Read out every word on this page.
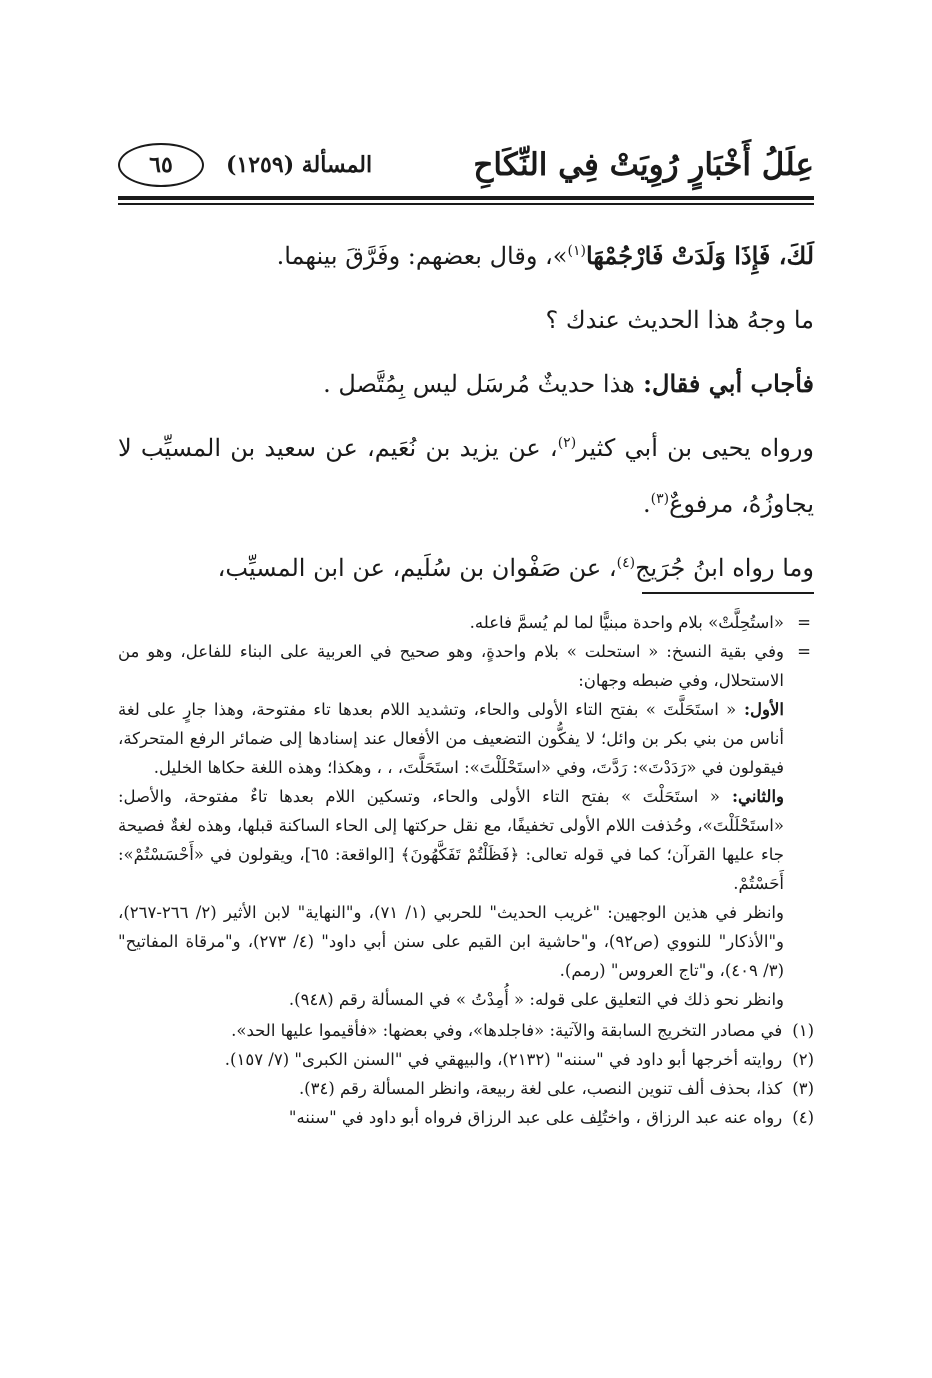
٦٥ المسألة (١٢٥٩)	عِلَلُ أَخْبَارٍ رُوِيَتْ فِي النِّكَاحِ

لَكَ، فَإِذَا وَلَدَتْ فَارْجُمْهَا$^{(١)}$»، وقال بعضهم: وفَرَّقَ بينهما.

ما وجهُ هذا الحديث عندك ؟

فأجاب أبي فقال: هذا حديثٌ مُرسَل ليس بِمُتَّصل .

ورواه يحيى بن أبي كثير$^{(٢)}$، عن يزيد بن نُعَيم، عن سعيد بن المسيِّب لا يجاوزُهُ، مرفوعٌ$^{(٣)}$.

وما رواه ابنُ جُرَيج$^{(٤)}$، عن صَفْوان بن سُلَيم، عن ابن المسيِّب،

=
«استُحِلَّتْ» بلام واحدة مبنيًّا لما لم يُسمَّ فاعله.
=
وفي بقية النسخ: « استحلت » بلام واحدةٍ، وهو صحيح في العربية على البناء للفاعل، وهو من الاستحلال، وفي ضبطه وجهان:
الأول: « استَحَلَّتَ » بفتح التاء الأولى والحاء، وتشديد اللام بعدها تاء مفتوحة، وهذا جارٍ على لغة أناس من بني بكر بن وائل؛ لا يفكُّون التضعيف من الأفعال عند إسنادها إلى ضمائر الرفع المتحركة، فيقولون في «رَدَدْتَ»: رَدَّتَ، وفي «استَحْلَلْتَ»: استَحَلَّتَ، ، ، وهكذا؛ وهذه اللغة حكاها الخليل.
والثاني: « استَحَلْتَ » بفتح التاء الأولى والحاء، وتسكين اللام بعدها تاءٌ مفتوحة، والأصل: «استَحْلَلْتَ»، وحُذفت اللام الأولى تخفيفًا، مع نقل حركتها إلى الحاء الساكنة قبلها، وهذه لغةٌ فصيحة جاء عليها القرآن؛ كما في قوله تعالى: ﴿فَظَلْتُمْ تَفَكَّهُونَ﴾ [الواقعة: ٦٥]، ويقولون في «أَحْسَسْتُمْ»: أَحَسْتُمْ.
وانظر في هذين الوجهين: "غريب الحديث" للحربي (١/ ٧١)، و"النهاية" لابن الأثير (٢/ ٢٦٦-٢٦٧)، و"الأذكار" للنووي (ص٩٢)، و"حاشية ابن القيم على سنن أبي داود" (٤/ ٢٧٣)، و"مرقاة المفاتيح" (٣/ ٤٠٩)، و"تاج العروس" (رمم).
وانظر نحو ذلك في التعليق على قوله: « أُمِدْتُ » في المسألة رقم (٩٤٨).
(١)
في مصادر التخريج السابقة والآتية: «فاجلدها»، وفي بعضها: «فأقيموا عليها الحد».
(٢)
روايته أخرجها أبو داود في "سننه" (٢١٣٢)، والبيهقي في "السنن الكبرى" (٧/ ١٥٧).
(٣)
كذا، بحذف ألف تنوين النصب، على لغة ربيعة، وانظر المسألة رقم (٣٤).
(٤)
رواه عنه عبد الرزاق ، واختُلِف على عبد الرزاق فرواه أبو داود في "سننه"
